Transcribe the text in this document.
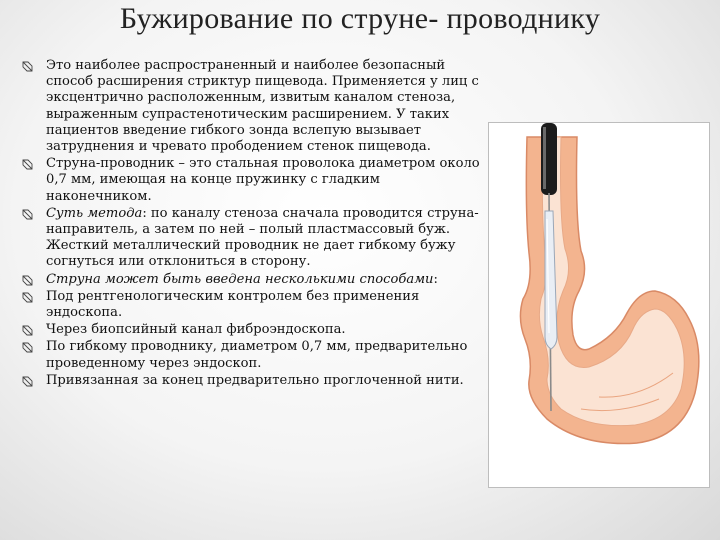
Бужирование по струне- проводнику
Это наиболее распространенный и наиболее безопасный способ расширения стриктур пищевода. Применяется у лиц с эксцентрично расположенным, извитым каналом стеноза, выраженным супрастенотическим расширением. У таких пациентов введение гибкого зонда вслепую вызывает затруднения и чревато прободением стенок пищевода.
Струна-проводник – это стальная проволока диаметром около 0,7 мм, имеющая на конце пружинку с гладким наконечником.
Суть метода: по каналу стеноза сначала проводится струна-направитель, а затем по ней – полый пластмассовый буж. Жесткий металлический проводник не дает гибкому бужу согнуться или отклониться в сторону.
Струна может быть введена несколькими способами:
Под рентгенологическим контролем без применения эндоскопа.
Через биопсийный канал фиброэндоскопа.
По гибкому проводнику, диаметром 0,7 мм, предварительно проведенному через эндоскоп.
Привязанная за конец предварительно проглоченной нити.
